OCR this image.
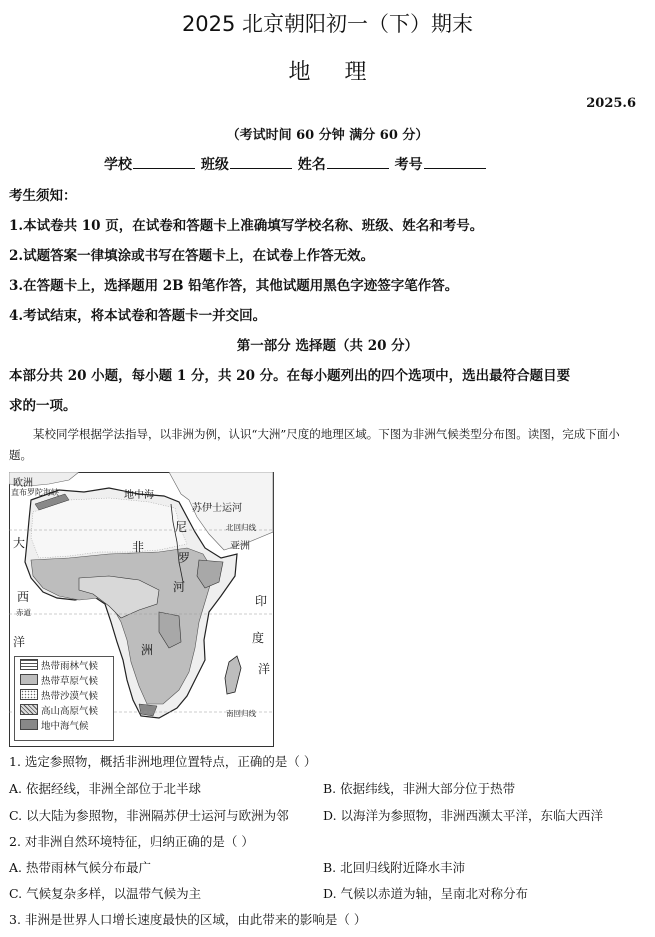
2025 北京朝阳初一（下）期末
地理
2025.6
（考试时间 60 分钟 满分 60 分）
学校	班级	姓名	考号
考生须知：
1.本试卷共 10 页，在试卷和答题卡上准确填写学校名称、班级、姓名和考号。
2.试题答案一律填涂或书写在答题卡上，在试卷上作答无效。
3.在答题卡上，选择题用 2B 铅笔作答，其他试题用黑色字迹签字笔作答。
4.考试结束，将本试卷和答题卡一并交回。
第一部分 选择题（共 20 分）
本部分共 20 小题，每小题 1 分，共 20 分。在每小题列出的四个选项中，选出最符合题目要
求的一项。
某校同学根据学法指导，以非洲为例，认识“大洲”尺度的地理区域。下图为非洲气候类型分布图。读图，完成下面小题。
欧洲
直布罗陀海峡	地中海
苏伊士运河
北回归线
亚洲
大
西
洋
赤道
非
洲
尼
罗
河
印
度
洋
南回归线
热带雨林气候
热带草原气候
热带沙漠气候
高山高原气候
地中海气候
1. 选定参照物，概括非洲地理位置特点，正确的是（ ）
A. 依据经线，非洲全部位于北半球	B. 依据纬线，非洲大部分位于热带
C. 以大陆为参照物，非洲隔苏伊士运河与欧洲为邻	D. 以海洋为参照物，非洲西濒太平洋，东临大西洋
2. 对非洲自然环境特征，归纳正确的是（ ）
A. 热带雨林气候分布最广	B. 北回归线附近降水丰沛
C. 气候复杂多样，以温带气候为主	D. 气候以赤道为轴，呈南北对称分布
3. 非洲是世界人口增长速度最快的区域，由此带来的影响是（ ）
